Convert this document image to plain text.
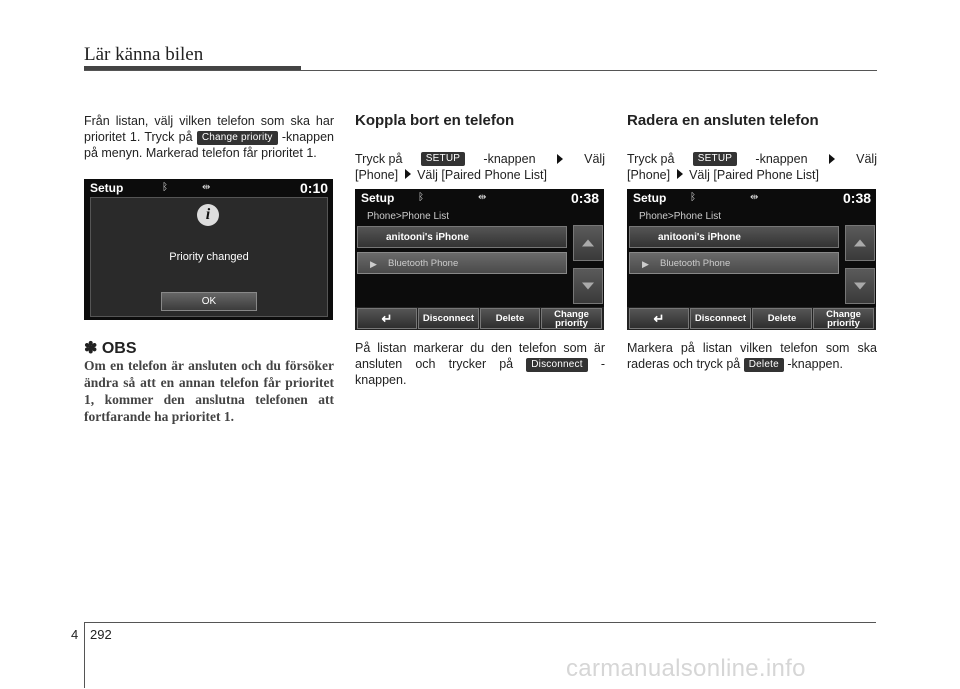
Lär känna bilen
Från listan, välj vilken telefon som ska har prioritet 1. Tryck på Change priority -knappen på menyn. Markerad telefon får prioritet 1.
Setup	ᛒ	⇹	0:10
i
Priority changed
OK
✽ OBS
Om en telefon är ansluten och du försöker ändra så att en annan telefon får prioritet 1, kommer den anslutna telefonen att fortfarande ha prioritet 1.
Koppla bort en telefon
Tryck på	SETUP	-knappen	Välj
[Phone] Välj [Paired Phone List]
Setup ᛒ	⇹	0:38
Phone>Phone List
anitooni's iPhone
▶ Bluetooth Phone
↵	Disconnect	Delete	Change priority
På listan markerar du den telefon som är ansluten och trycker på Disconnect -knappen.
Radera en ansluten telefon
Tryck på	SETUP	-knappen	Välj
[Phone] Välj [Paired Phone List]
Setup ᛒ	⇹	0:38
Phone>Phone List
anitooni's iPhone
▶ Bluetooth Phone
↵	Disconnect	Delete	Change priority
Markera på listan vilken telefon som ska raderas och tryck på Delete -knappen.
4 292
carmanualsonline.info
